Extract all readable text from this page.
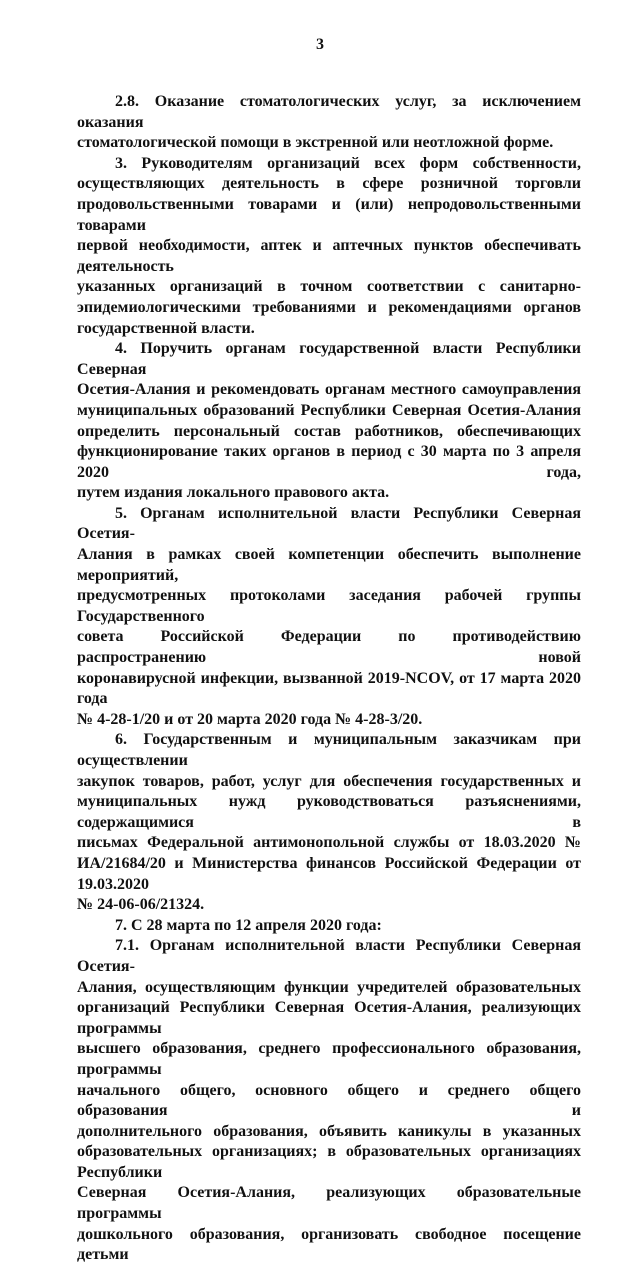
3
2.8. Оказание стоматологических услуг, за исключением оказания
стоматологической помощи в экстренной или неотложной форме.
3. Руководителям организаций всех форм собственности,
осуществляющих деятельность в сфере розничной торговли
продовольственными товарами и (или) непродовольственными товарами
первой необходимости, аптек и аптечных пунктов обеспечивать деятельность
указанных организаций в точном соответствии с санитарно-
эпидемиологическими требованиями и рекомендациями органов
государственной власти.
4. Поручить органам государственной власти Республики Северная
Осетия-Алания и рекомендовать органам местного самоуправления
муниципальных образований Республики Северная Осетия-Алания
определить персональный состав работников, обеспечивающих
функционирование таких органов в период с 30 марта по 3 апреля 2020 года,
путем издания локального правового акта.
5. Органам исполнительной власти Республики Северная Осетия-
Алания в рамках своей компетенции обеспечить выполнение мероприятий,
предусмотренных протоколами заседания рабочей группы Государственного
совета Российской Федерации по противодействию распространению новой
коронавирусной инфекции, вызванной 2019-NCOV, от 17 марта 2020 года
№ 4-28-1/20 и от 20 марта 2020 года № 4-28-3/20.
6. Государственным и муниципальным заказчикам при осуществлении
закупок товаров, работ, услуг для обеспечения государственных и
муниципальных нужд руководствоваться разъяснениями, содержащимися в
письмах Федеральной антимонопольной службы от 18.03.2020 №
ИА/21684/20 и Министерства финансов Российской Федерации от 19.03.2020
№ 24-06-06/21324.
7. С 28 марта по 12 апреля 2020 года:
7.1. Органам исполнительной власти Республики Северная Осетия-
Алания, осуществляющим функции учредителей образовательных
организаций Республики Северная Осетия-Алания, реализующих программы
высшего образования, среднего профессионального образования, программы
начального общего, основного общего и среднего общего образования и
дополнительного образования, объявить каникулы в указанных
образовательных организациях; в образовательных организациях Республики
Северная Осетия-Алания, реализующих образовательные программы
дошкольного образования, организовать свободное посещение детьми
